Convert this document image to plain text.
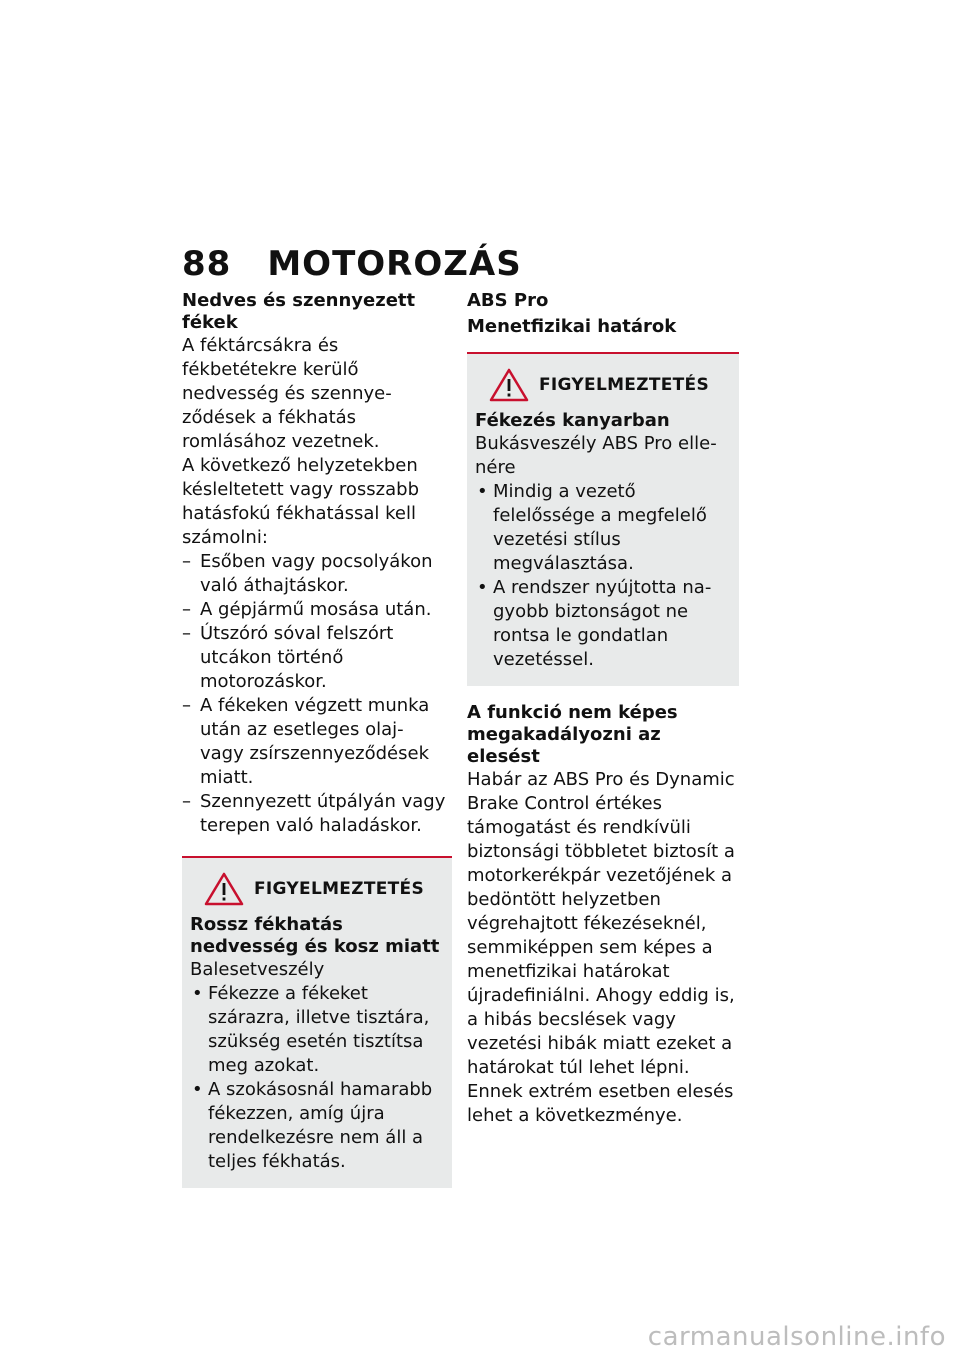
88 MOTOROZÁS

Nedves és szennyezett fékek

A féktárcsákra és fékbetétekre kerülő nedvesség és szennyeződések a fékhatás romlásához vezetnek.

A következő helyzetekben késleltetett vagy rosszabb hatásfokú fékhatással kell számolni:

– Esőben vagy pocsolyákon való áthajtáskor.
– A gépjármű mosása után.
– Útszóró sóval felszórt utcákon történő motorozáskor.
– A fékeken végzett munka után az esetleges olaj- vagy zsírszennyeződések miatt.
– Szennyezett útpályán vagy terepen való haladáskor.
FIGYELMEZTETÉS

Rossz fékhatás nedvesség és kosz miatt

Balesetveszély

• Fékezze a fékeket szárazra, illetve tisztára, szükség esetén tisztítsa meg azokat.
• A szokásosnál hamarabb fékezzen, amíg újra rendelkezésre nem áll a teljes fékhatás.

ABS Pro

Menetfizikai határok

FIGYELMEZTETÉS

Fékezés kanyarban

Bukásveszély ABS Pro ellenére

• Mindig a vezető felelőssége a megfelelő vezetési stílus megválasztása.
• A rendszer nyújtotta nagyobb biztonságot ne rontsa le gondatlan vezetéssel.

A funkció nem képes megakadályozni az elesést

Habár az ABS Pro és Dynamic Brake Control értékes támogatást és rendkívüli biztonsági többletet biztosít a motorkerékpár vezetőjének a bedöntött helyzetben végrehajtott fékezéseknél, semmiképpen sem képes a menetfizikai határokat újradefiniálni. Ahogy eddig is, a hibás becslések vagy vezetési hibák miatt ezeket a határokat túl lehet lépni. Ennek extrém esetben elesés lehet a következménye.

carmanualsonline.info
